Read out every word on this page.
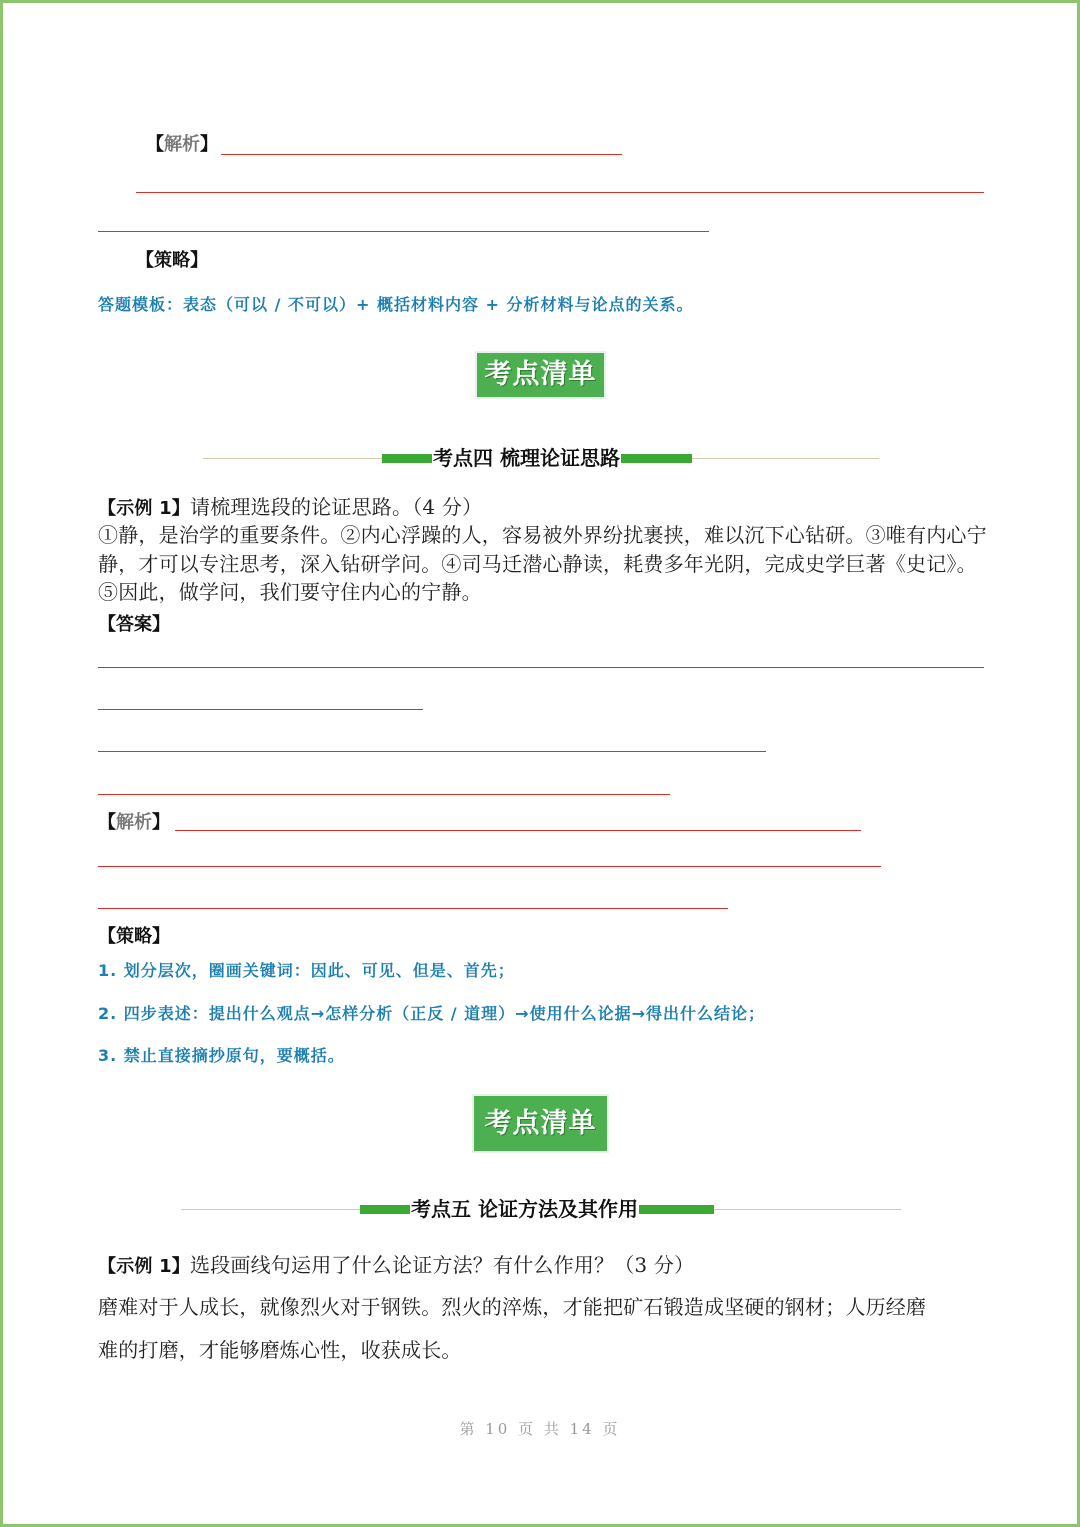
【解析】
【策略】
答题模板：表态（可以 / 不可以）+ 概括材料内容 + 分析材料与论点的关系。
考点清单
考点四 梳理论证思路
【示例 1】请梳理选段的论证思路。（4 分）
①静，是治学的重要条件。②内心浮躁的人，容易被外界纷扰裹挟，难以沉下心钻研。③唯有内心宁静，才可以专注思考，深入钻研学问。④司马迁潜心静读，耗费多年光阴，完成史学巨著《史记》。⑤因此，做学问，我们要守住内心的宁静。
【答案】
【解析】
【策略】
1. 划分层次，圈画关键词：因此、可见、但是、首先；
2. 四步表述：提出什么观点→怎样分析（正反 / 道理）→使用什么论据→得出什么结论；
3. 禁止直接摘抄原句，要概括。
考点清单
考点五 论证方法及其作用
【示例 1】选段画线句运用了什么论证方法？有什么作用？（3 分）
磨难对于人成长，就像烈火对于钢铁。烈火的淬炼，才能把矿石锻造成坚硬的钢材；人历经磨
难的打磨，才能够磨炼心性，收获成长。
第 10 页 共 14 页
